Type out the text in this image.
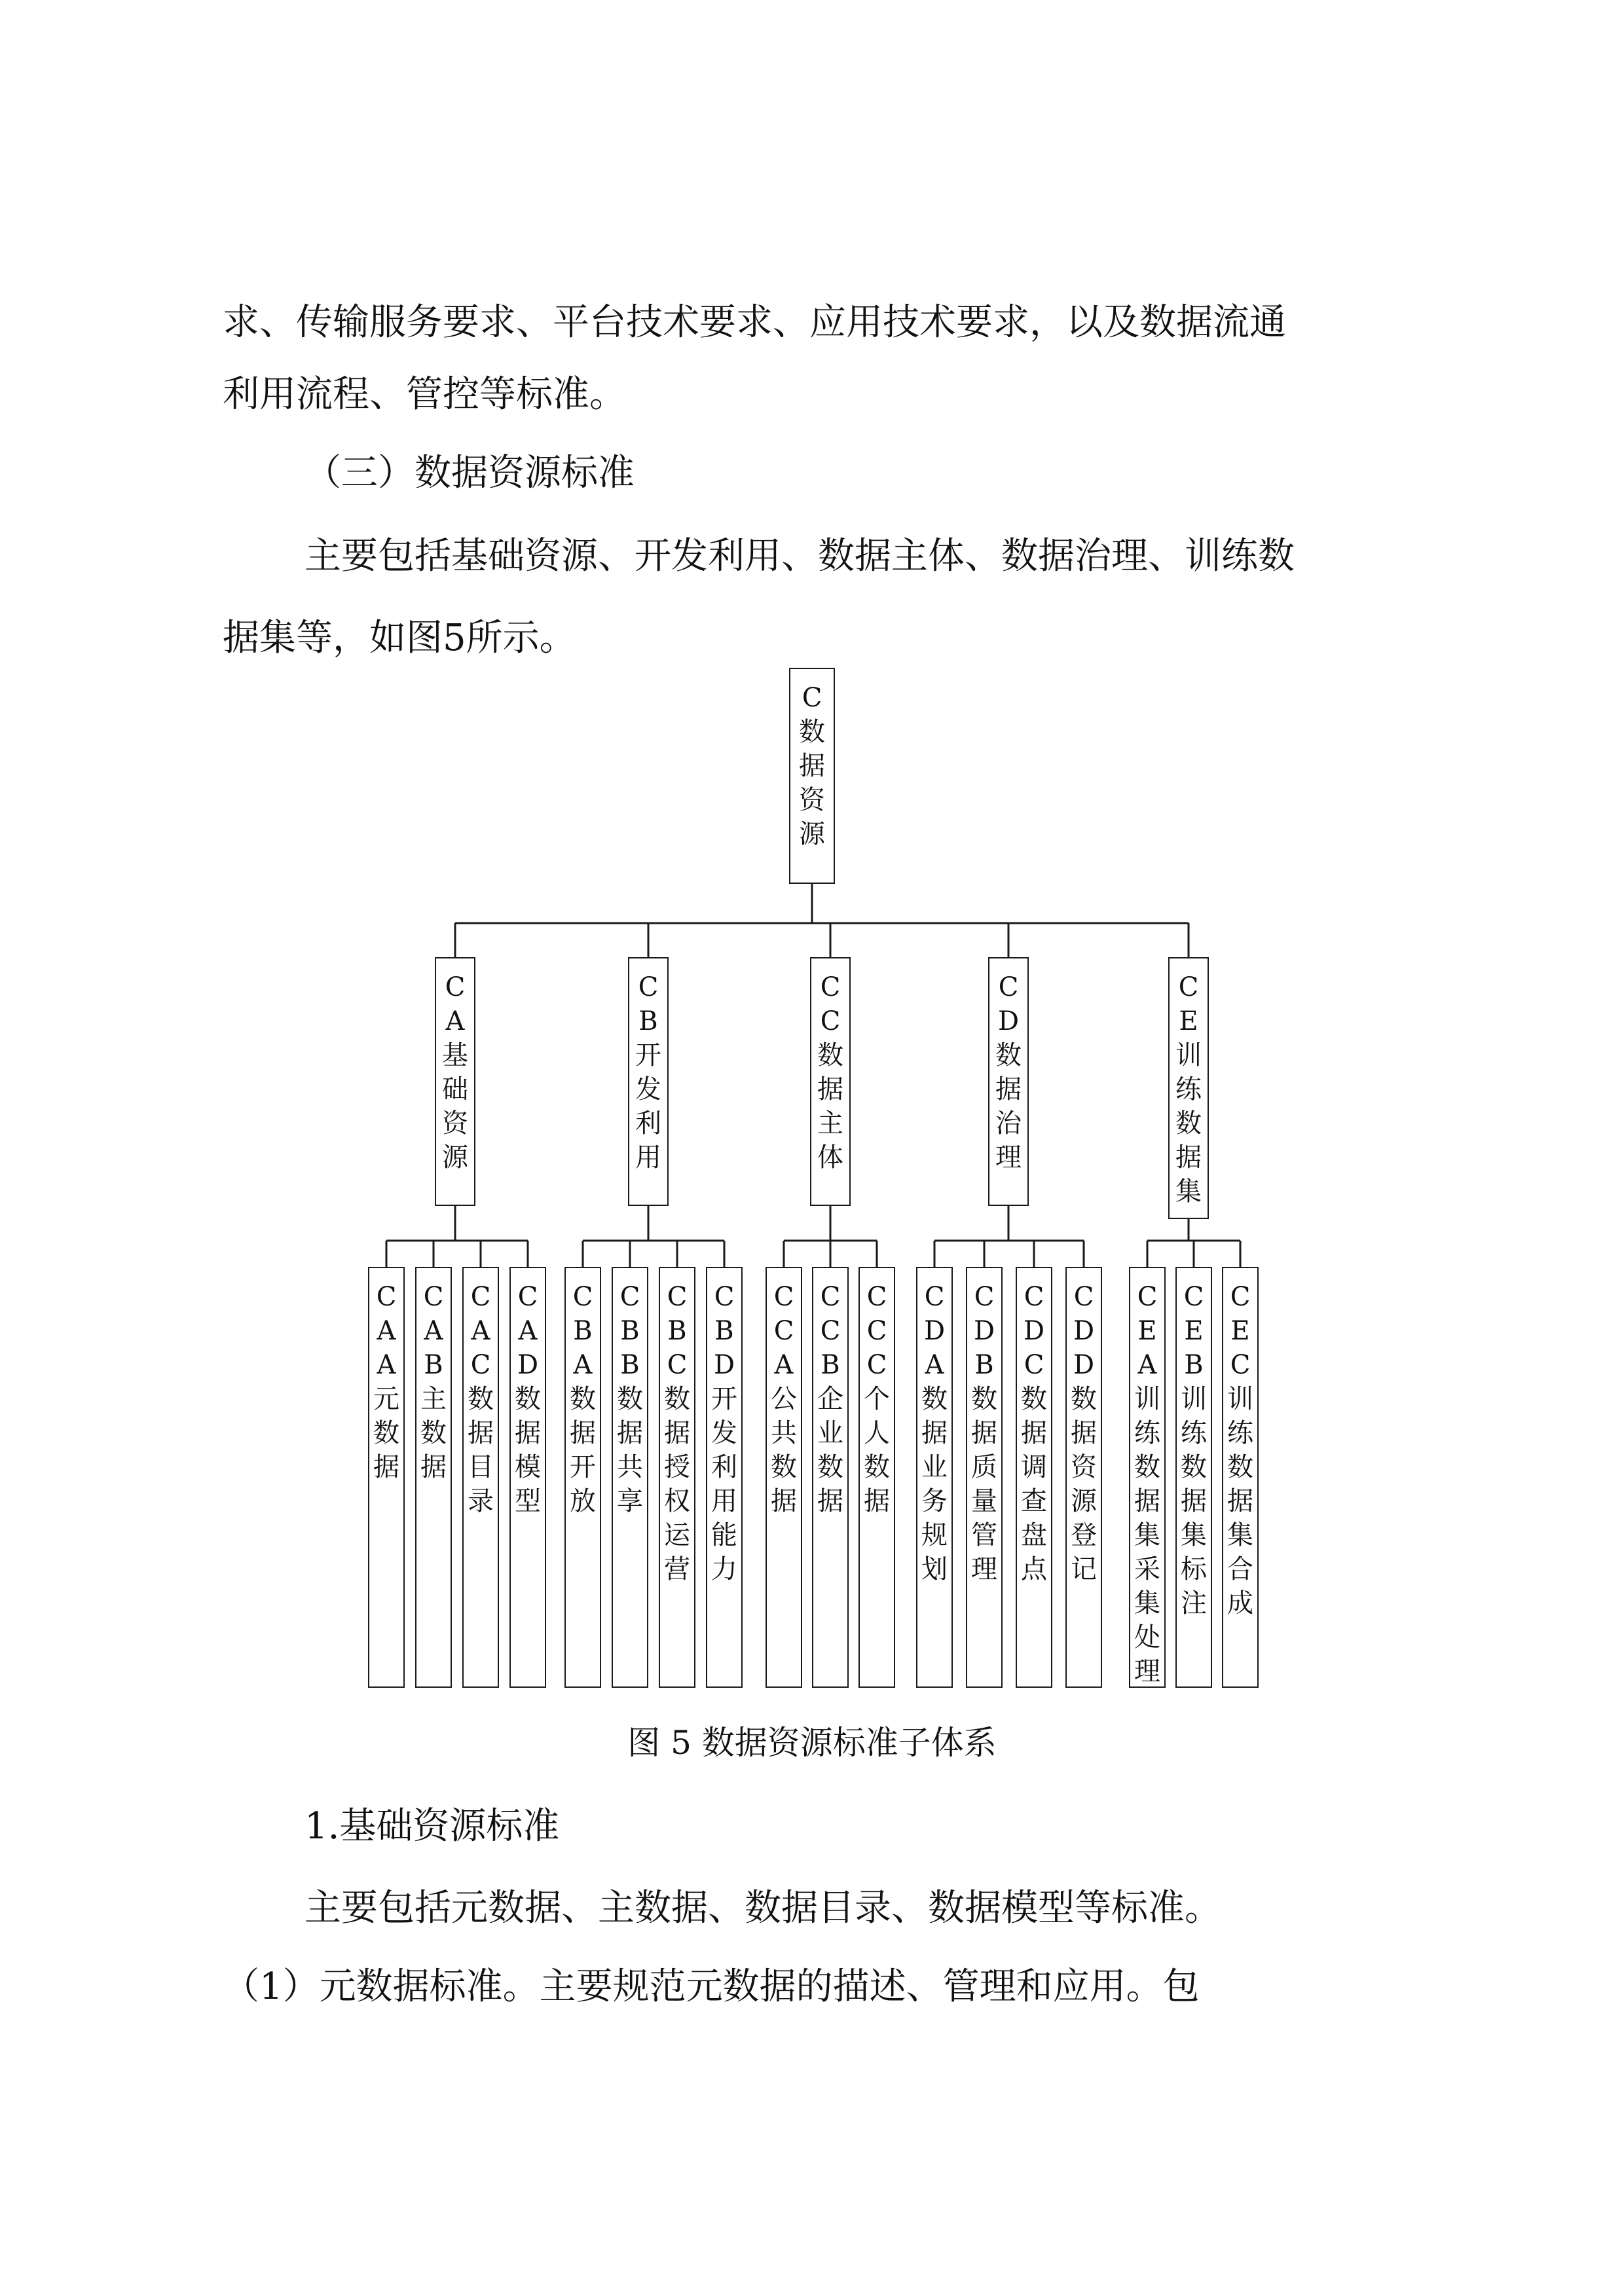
求、传输服务要求、平台技术要求、应用技术要求，以及数据流通

利用流程、管控等标准。

（三）数据资源标准

主要包括基础资源、开发利用、数据主体、数据治理、训练数

据集等，如图5所示。

C
数
据
资
源
C
A
基
础
资
源
C
A
A
元
数
据
C
A
B
主
数
据
C
A
C
数
据
目
录
C
A
D
数
据
模
型
C
B
开
发
利
用
C
B
A
数
据
开
放
C
B
B
数
据
共
享
C
B
C
数
据
授
权
运
营
C
B
D
开
发
利
用
能
力
C
C
数
据
主
体
C
C
A
公
共
数
据
C
C
B
企
业
数
据
C
C
C
个
人
数
据
C
D
数
据
治
理
C
D
A
数
据
业
务
规
划
C
D
B
数
据
质
量
管
理
C
D
C
数
据
调
查
盘
点
C
D
D
数
据
资
源
登
记
C
E
训
练
数
据
集
C
E
A
训
练
数
据
集
采
集
处
理
C
E
B
训
练
数
据
集
标
注
C
E
C
训
练
数
据
集
合
成
图 5 数据资源标准子体系

1.基础资源标准

主要包括元数据、主数据、数据目录、数据模型等标准。

（1）元数据标准。主要规范元数据的描述、管理和应用。包
